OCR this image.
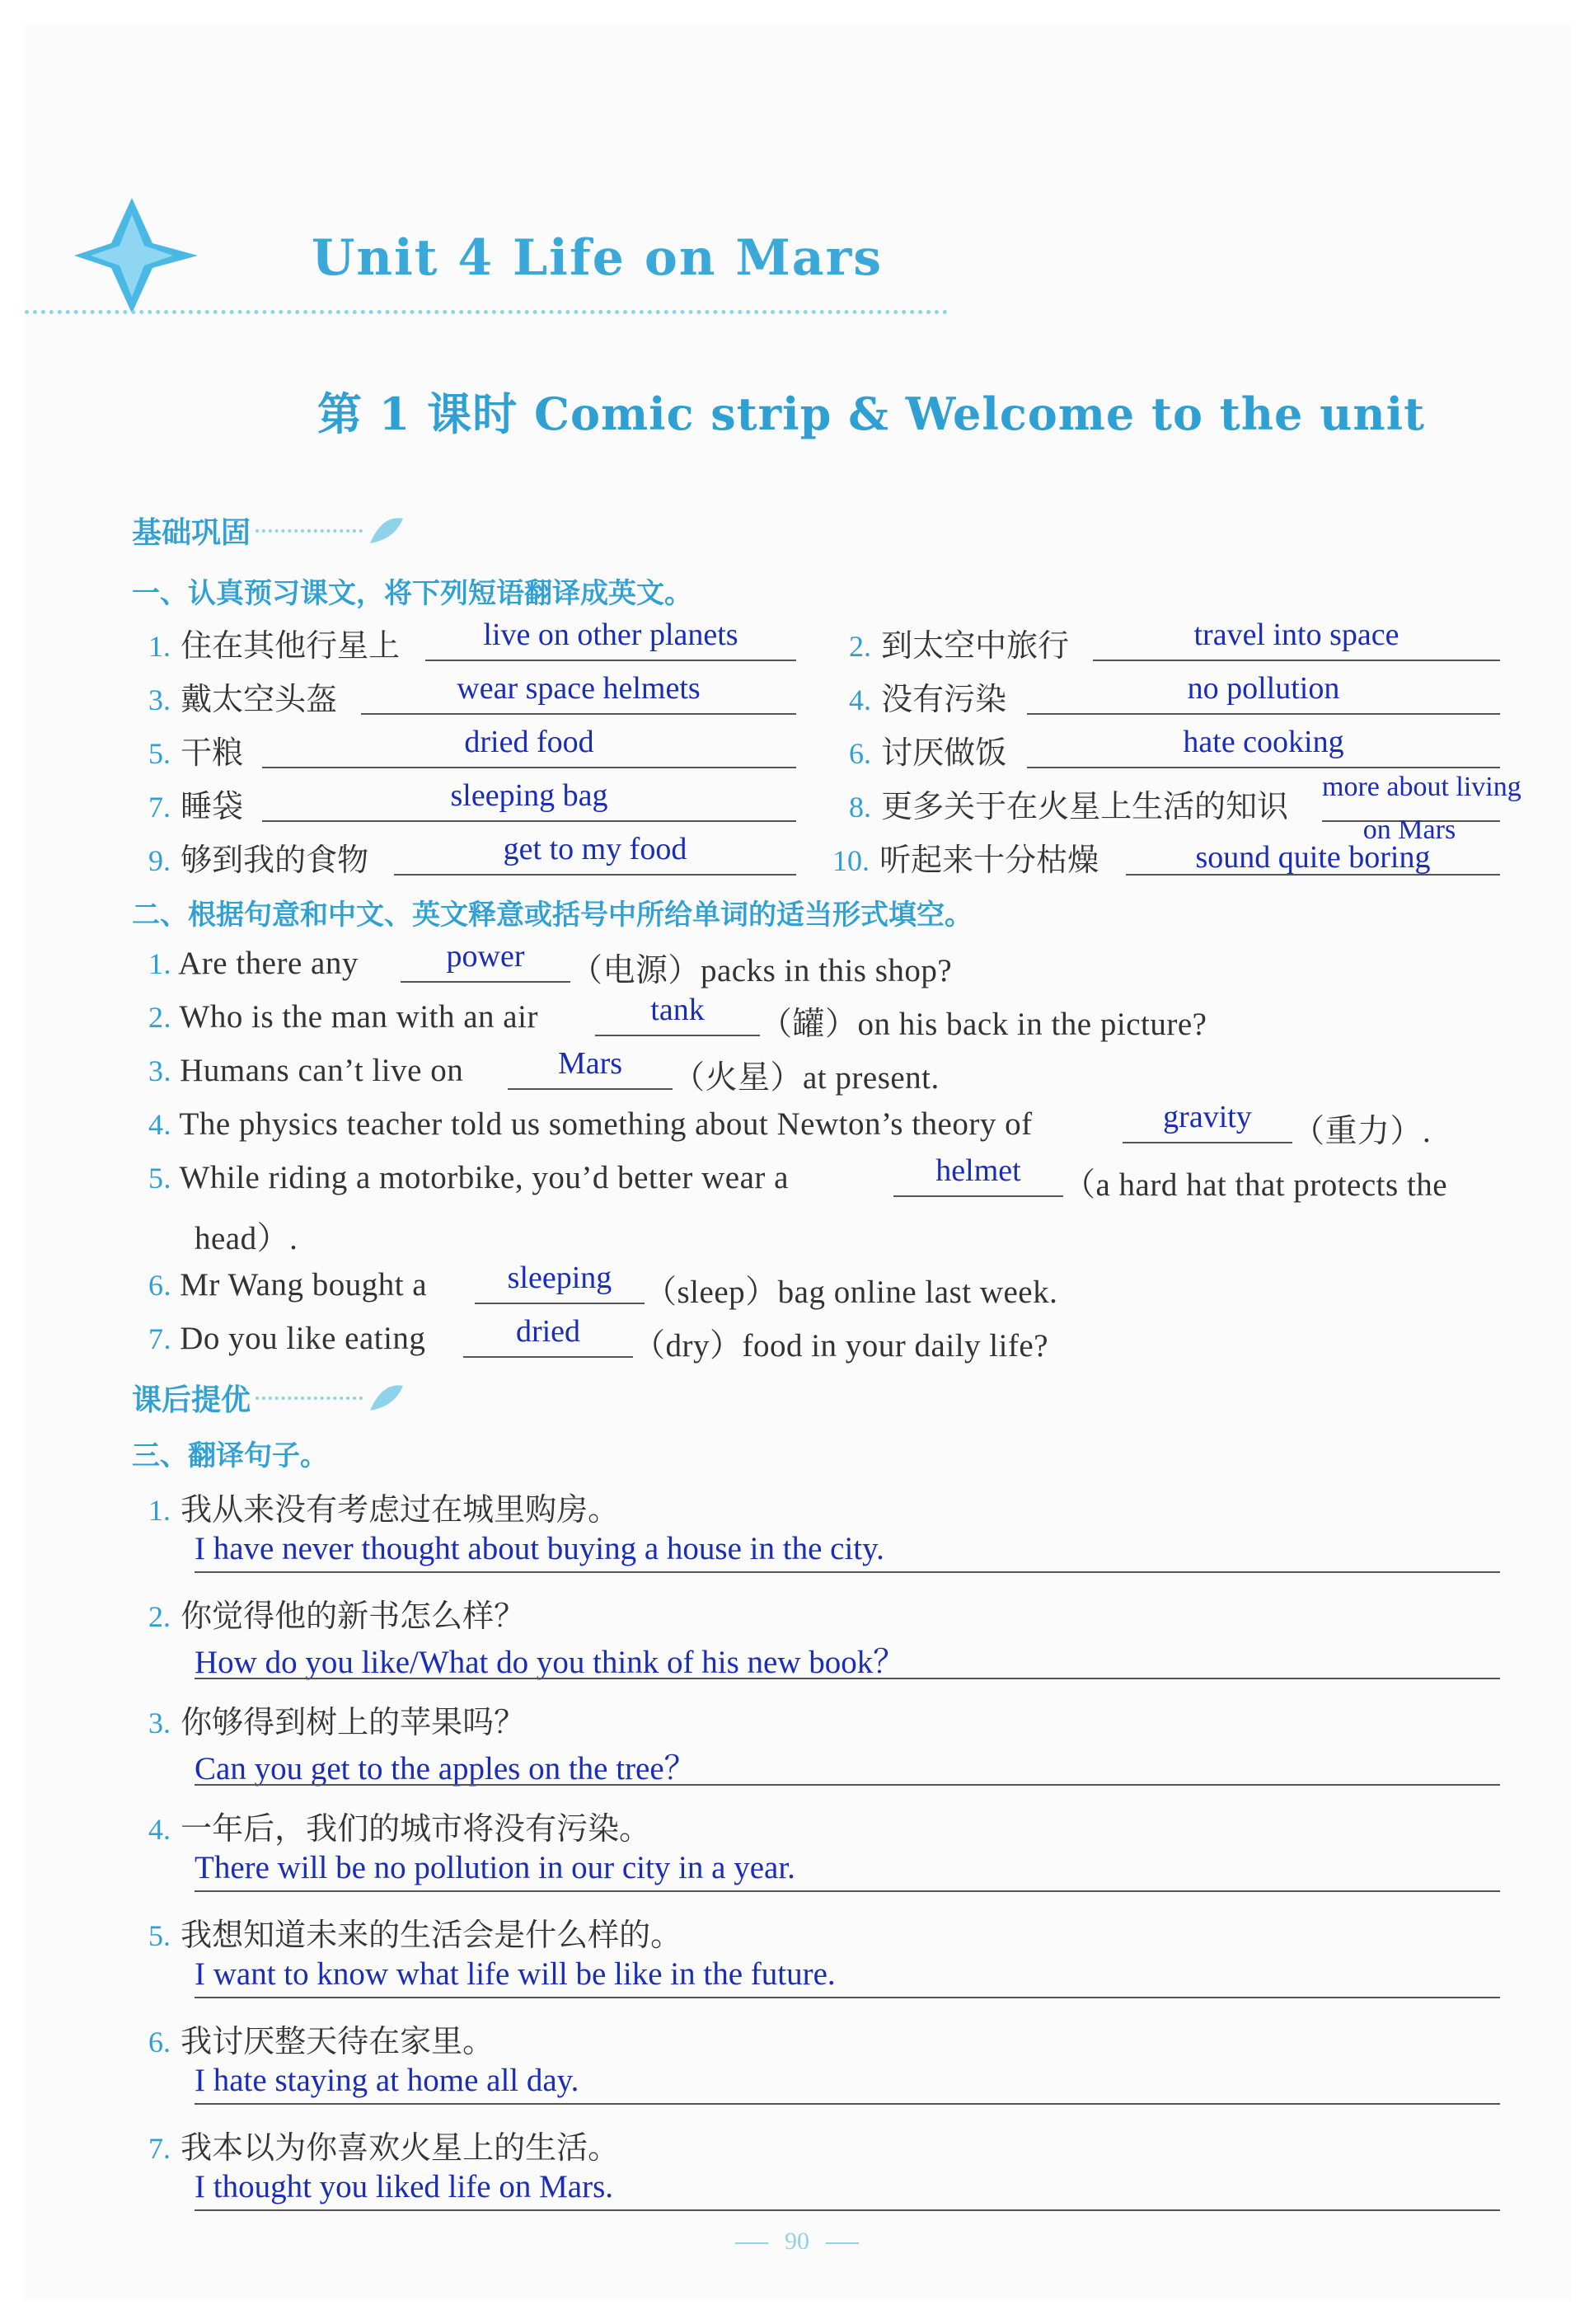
Unit 4 Life on Mars
第 1 课时 Comic strip & Welcome to the unit
基础巩固
一、认真预习课文，将下列短语翻译成英文。
1. 住在其他行星上	live on other planets	2. 到太空中旅行	travel into space
3. 戴太空头盔	wear space helmets	4. 没有污染	no pollution
5. 干粮	dried food	6. 讨厌做饭	hate cooking
7. 睡袋	sleeping bag	8. 更多关于在火星上生活的知识
more about living
on Mars
9. 够到我的食物	get to my food	10. 听起来十分枯燥	sound quite boring
二、根据句意和中文、英文释意或括号中所给单词的适当形式填空。
1. Are there any	power	（电源）packs in this shop?
2. Who is the man with an air	tank	（罐）on his back in the picture?
3. Humans can’t live on	Mars	（火星）at present.
4. The physics teacher told us something about Newton’s theory of	gravity	（重力）.
5. While riding a motorbike, you’d better wear a	helmet	（a hard hat that protects the
head）.
6. Mr Wang bought a	sleeping	（sleep）bag online last week.
7. Do you like eating	dried	（dry）food in your daily life?
课后提优
三、翻译句子。
1. 我从来没有考虑过在城里购房。
I have never thought about buying a house in the city.
2. 你觉得他的新书怎么样？
How do you like/What do you think of his new book？
3. 你够得到树上的苹果吗？
Can you get to the apples on the tree？
4. 一年后，我们的城市将没有污染。
There will be no pollution in our city in a year.
5. 我想知道未来的生活会是什么样的。
I want to know what life will be like in the future.
6. 我讨厌整天待在家里。
I hate staying at home all day.
7. 我本以为你喜欢火星上的生活。
I thought you liked life on Mars.
90
